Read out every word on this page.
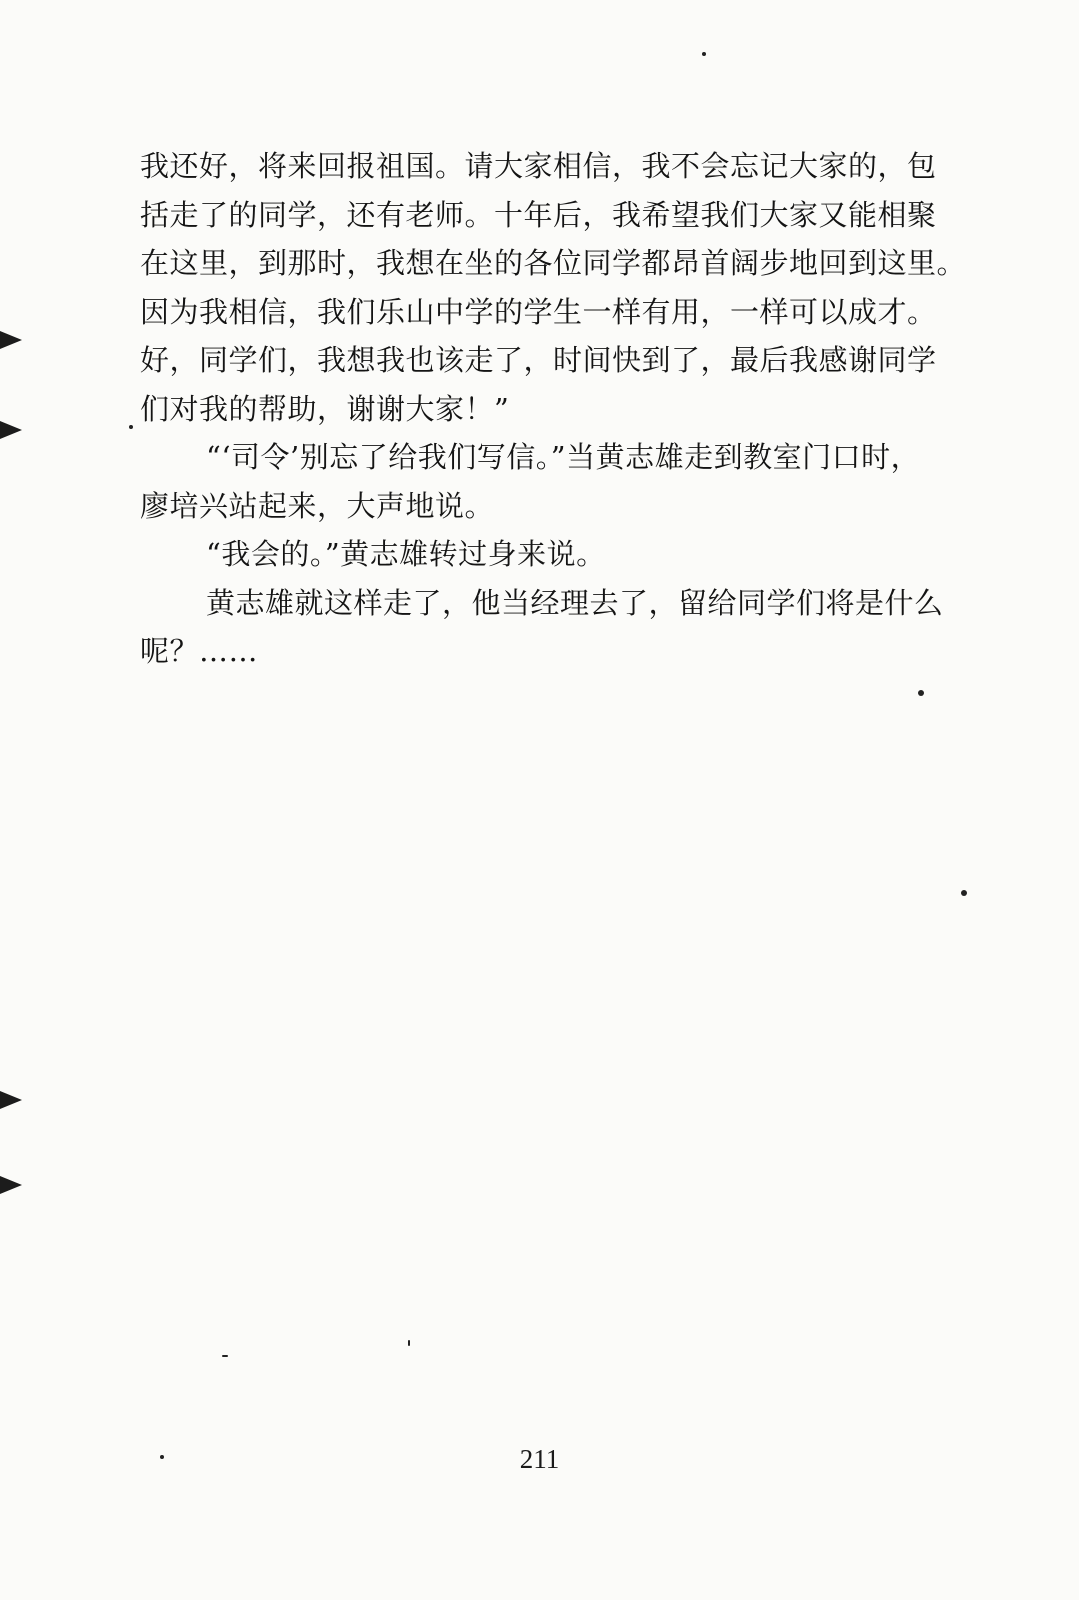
我还好，将来回报祖国。请大家相信，我不会忘记大家的，包
括走了的同学，还有老师。十年后，我希望我们大家又能相聚
在这里，到那时，我想在坐的各位同学都昂首阔步地回到这里。
因为我相信，我们乐山中学的学生一样有用，一样可以成才。
好，同学们，我想我也该走了，时间快到了，最后我感谢同学
们对我的帮助，谢谢大家！”
“‘司令’别忘了给我们写信。”当黄志雄走到教室门口时，
廖培兴站起来，大声地说。
“我会的。”黄志雄转过身来说。
黄志雄就这样走了，他当经理去了，留给同学们将是什么
呢？……
211
